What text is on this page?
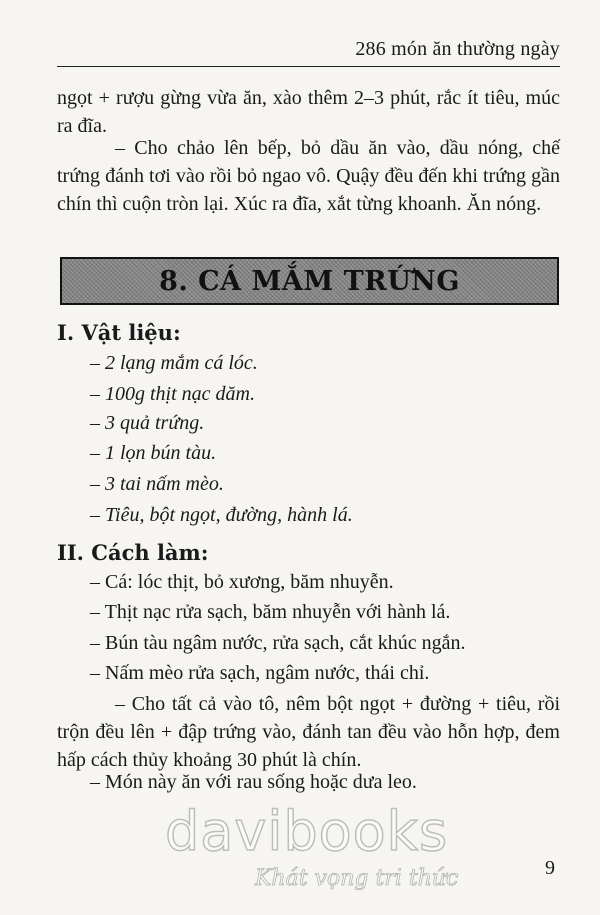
286 món ăn thường ngày

ngọt + rượu gừng vừa ăn, xào thêm 2–3 phút, rắc ít tiêu, múc ra đĩa.

– Cho chảo lên bếp, bỏ dầu ăn vào, dầu nóng, chế trứng đánh tơi vào rồi bỏ ngao vô. Quậy đều đến khi trứng gần chín thì cuộn tròn lại. Xúc ra đĩa, xắt từng khoanh. Ăn nóng.

8. CÁ MẮM TRỨNG
I. Vật liệu:
– 2 lạng mắm cá lóc.
– 100g thịt nạc dăm.
– 3 quả trứng.
– 1 lọn bún tàu.
– 3 tai nấm mèo.
– Tiêu, bột ngọt, đường, hành lá.
II. Cách làm:
– Cá: lóc thịt, bỏ xương, băm nhuyễn.
– Thịt nạc rửa sạch, băm nhuyễn với hành lá.
– Bún tàu ngâm nước, rửa sạch, cắt khúc ngắn.
– Nấm mèo rửa sạch, ngâm nước, thái chỉ.

– Cho tất cả vào tô, nêm bột ngọt + đường + tiêu, rồi trộn đều lên + đập trứng vào, đánh tan đều vào hỗn hợp, đem hấp cách thủy khoảng 30 phút là chín.

– Món này ăn với rau sống hoặc dưa leo.
davibooks
Khát vọng tri thức	9
